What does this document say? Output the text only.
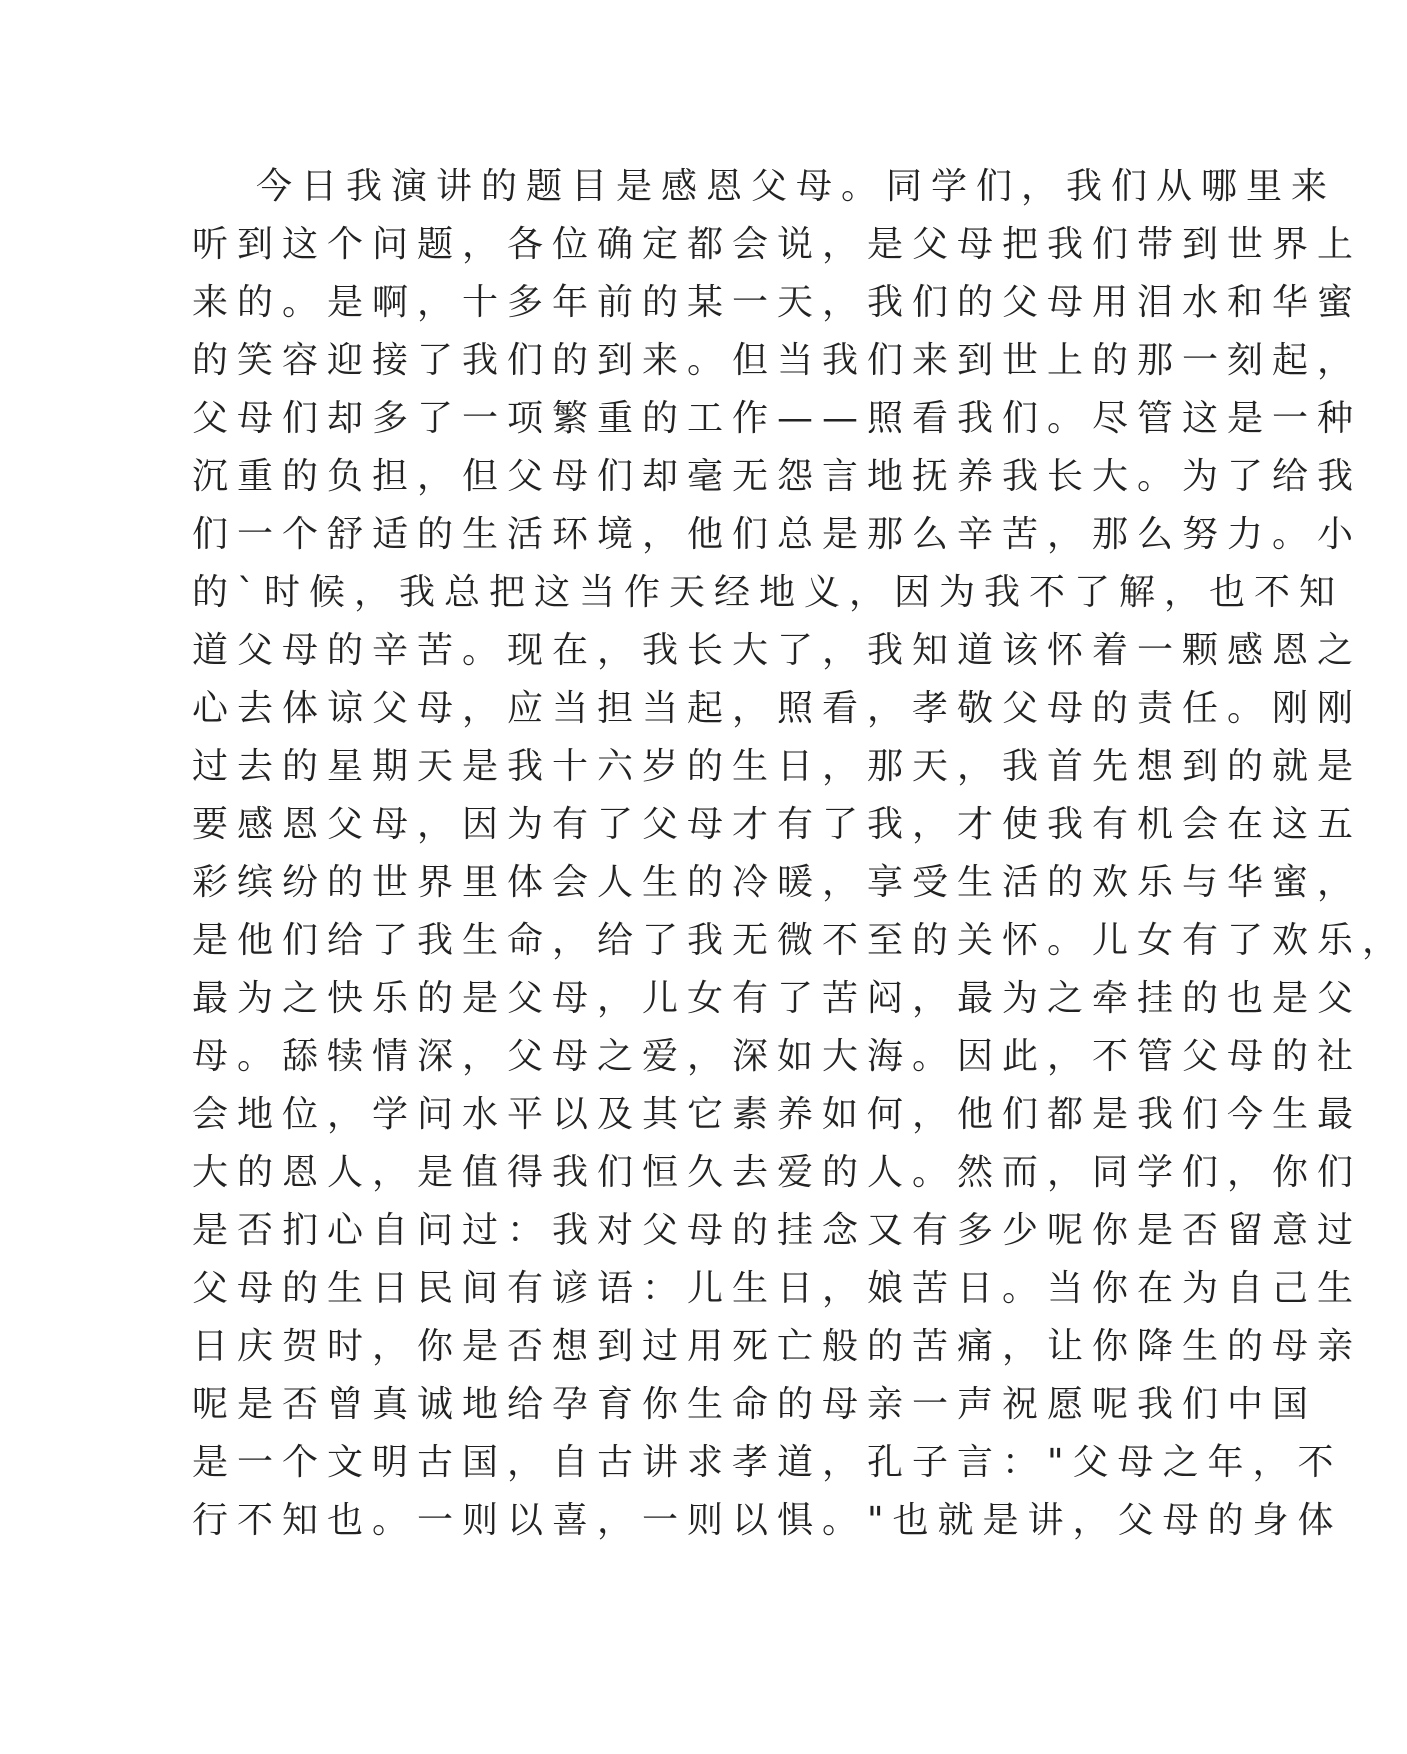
今日我演讲的题目是感恩父母。同学们，我们从哪里来
听到这个问题，各位确定都会说，是父母把我们带到世界上
来的。是啊，十多年前的某一天，我们的父母用泪水和华蜜
的笑容迎接了我们的到来。但当我们来到世上的那一刻起，
父母们却多了一项繁重的工作——照看我们。尽管这是一种
沉重的负担，但父母们却毫无怨言地抚养我长大。为了给我
们一个舒适的生活环境，他们总是那么辛苦，那么努力。小
的`时候，我总把这当作天经地义，因为我不了解，也不知
道父母的辛苦。现在，我长大了，我知道该怀着一颗感恩之
心去体谅父母，应当担当起，照看，孝敬父母的责任。刚刚
过去的星期天是我十六岁的生日，那天，我首先想到的就是
要感恩父母，因为有了父母才有了我，才使我有机会在这五
彩缤纷的世界里体会人生的冷暖，享受生活的欢乐与华蜜，
是他们给了我生命，给了我无微不至的关怀。儿女有了欢乐，
最为之快乐的是父母，儿女有了苦闷，最为之牵挂的也是父
母。舔犊情深，父母之爱，深如大海。因此，不管父母的社
会地位，学问水平以及其它素养如何，他们都是我们今生最
大的恩人，是值得我们恒久去爱的人。然而，同学们，你们
是否扪心自问过：我对父母的挂念又有多少呢你是否留意过
父母的生日民间有谚语：儿生日，娘苦日。当你在为自己生
日庆贺时，你是否想到过用死亡般的苦痛，让你降生的母亲
呢是否曾真诚地给孕育你生命的母亲一声祝愿呢我们中国
是一个文明古国，自古讲求孝道，孔子言："父母之年，不
行不知也。一则以喜，一则以惧。"也就是讲，父母的身体
